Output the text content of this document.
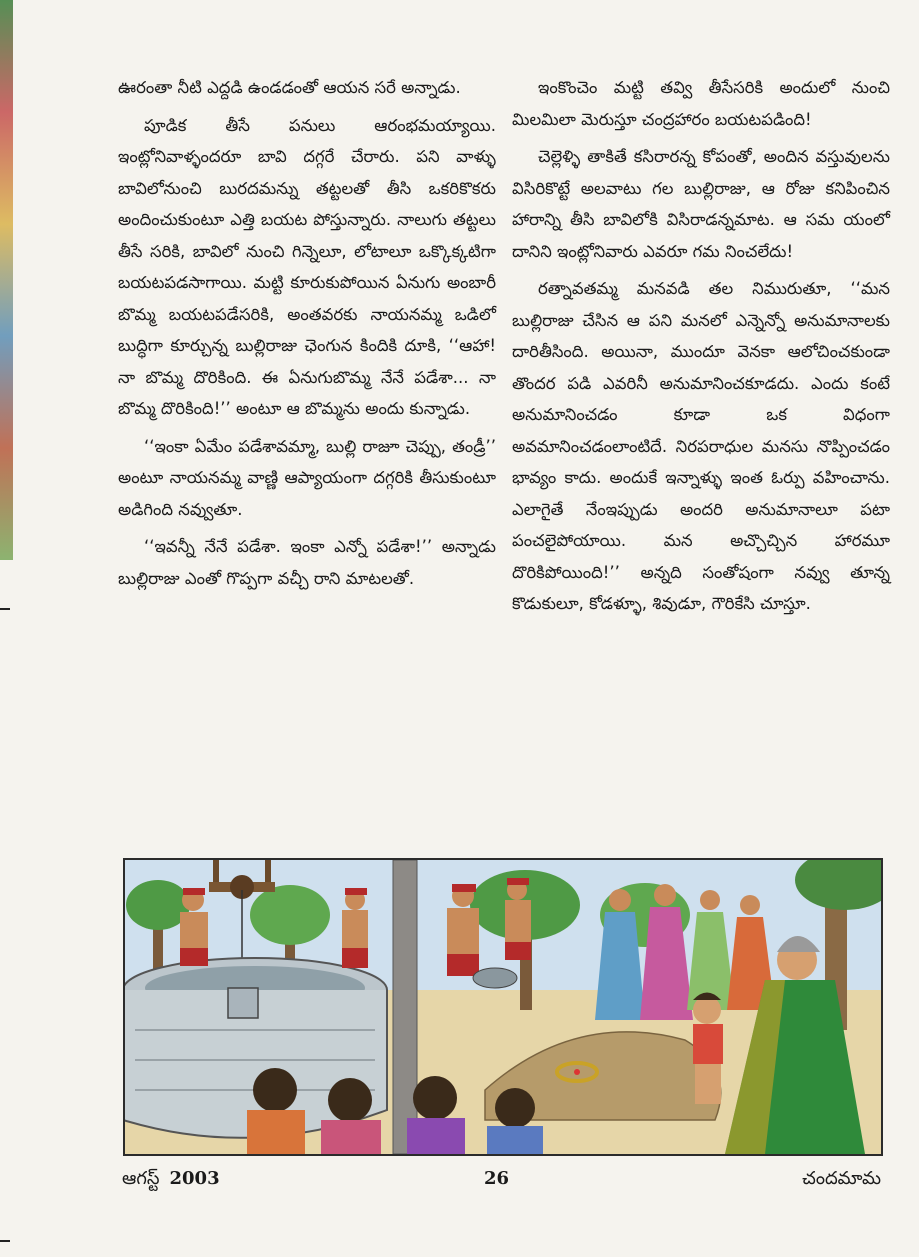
ఊరంతా నీటి ఎద్దడి ఉండడంతో ఆయన సరే అన్నాడు.

పూడిక తీసే పనులు ఆరంభమయ్యాయి. ఇంట్లోనివాళ్ళందరూ బావి దగ్గరే చేరారు. పని వాళ్ళు బావిలోనుంచి బురదమన్ను తట్టలతో తీసి ఒకరికొకరు అందించుకుంటూ ఎత్తి బయట పోస్తున్నారు. నాలుగు తట్టలు తీసే సరికి, బావిలో నుంచి గిన్నెలూ, లోటాలూ ఒక్కొక్కటిగా బయటపడసాగాయి. మట్టి కూరుకుపోయిన ఏనుగు అంబారీ బొమ్మ బయటపడేసరికి, అంతవరకు నాయనమ్మ ఒడిలో బుద్ధిగా కూర్చున్న బుల్లిరాజు ఛెంగున కిందికి దూకి, ‘‘ఆహా! నా బొమ్మ దొరికింది. ఈ ఏనుగుబొమ్మ నేనే పడేశా... నా బొమ్మ దొరికింది!’’ అంటూ ఆ బొమ్మను అందు కున్నాడు.

‘‘ఇంకా ఏమేం పడేశావమ్మా, బుల్లి రాజూ చెప్పు, తండ్రీ’’ అంటూ నాయనమ్మ వాణ్ణి ఆప్యాయంగా దగ్గరికి తీసుకుంటూ అడిగింది నవ్వుతూ.

‘‘ఇవన్నీ నేనే పడేశా. ఇంకా ఎన్నో పడేశా!’’ అన్నాడు బుల్లిరాజు ఎంతో గొప్పగా వచ్చీ రాని మాటలతో.

ఇంకొంచెం మట్టి తవ్వి తీసేసరికి అందులో నుంచి మిలమిలా మెరుస్తూ చంద్రహారం బయటపడింది!

చెల్లెళ్ళి తాకితే కసిరారన్న కోపంతో, అందిన వస్తువులను విసిరికొట్టే అలవాటు గల బుల్లిరాజు, ఆ రోజు కనిపించిన హారాన్ని తీసి బావిలోకి విసిరాడన్నమాట. ఆ సమ యంలో దానిని ఇంట్లోనివారు ఎవరూ గమ నించలేదు!

రత్నావతమ్మ మనవడి తల నిమురుతూ, ‘‘మన బుల్లిరాజు చేసిన ఆ పని మనలో ఎన్నెన్నో అనుమానాలకు దారితీసింది. అయినా, ముందూ వెనకా ఆలోచించకుండా తొందర పడి ఎవరినీ అనుమానించకూడదు. ఎందు కంటే అనుమానించడం కూడా ఒక విధంగా అవమానించడంలాంటిదే. నిరపరాధుల మనసు నొప్పించడం భావ్యం కాదు. అందుకే ఇన్నాళ్ళు ఇంత ఓర్పు వహించాను. ఎలాగైతే నేంఇప్పుడు అందరి అనుమానాలూ పటా పంచలైపోయాయి. మన అచ్చొచ్చిన హారమూ దొరికిపోయింది!’’ అన్నది సంతోషంగా నవ్వు తూన్న కొడుకులూ, కోడళ్ళూ, శివుడూ, గౌరికేసి చూస్తూ.

ఆగస్ట్ 2003	26	చందమామ
